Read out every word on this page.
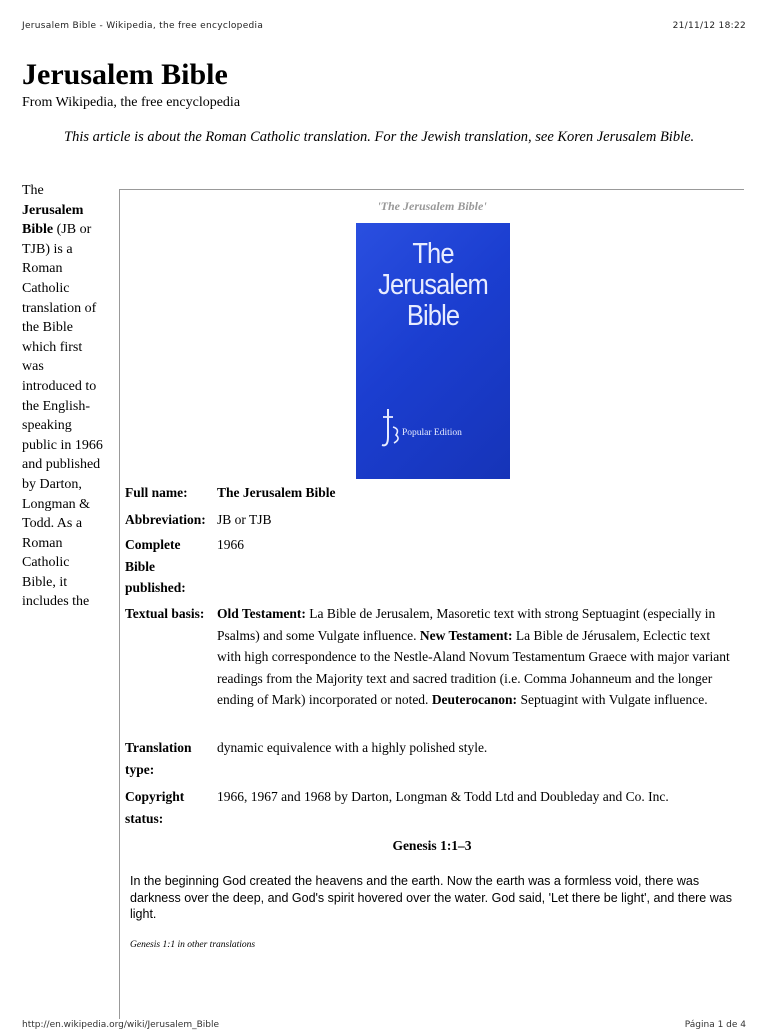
Jerusalem Bible - Wikipedia, the free encyclopedia	21/11/12 18:22
Jerusalem Bible
From Wikipedia, the free encyclopedia
This article is about the Roman Catholic translation. For the Jewish translation, see Koren Jerusalem Bible.
The Jerusalem Bible (JB or TJB) is a Roman Catholic translation of the Bible which first was introduced to the English-speaking public in 1966 and published by Darton, Longman & Todd. As a Roman Catholic Bible, it includes the
'The Jerusalem Bible'
The
Jerusalem
Bible
Popular Edition
Full name:	The Jerusalem Bible
Abbreviation: JB or TJB
Complete Bible published:
1966
Textual basis: Old Testament: La Bible de Jerusalem, Masoretic text with strong Septuagint (especially in Psalms) and some Vulgate influence. New Testament: La Bible de Jérusalem, Eclectic text with high correspondence to the Nestle-Aland Novum Testamentum Graece with major variant readings from the Majority text and sacred tradition (i.e. Comma Johanneum and the longer ending of Mark) incorporated or noted. Deuterocanon: Septuagint with Vulgate influence.
Translation type:
dynamic equivalence with a highly polished style.
Copyright status:
1966, 1967 and 1968 by Darton, Longman & Todd Ltd and Doubleday and Co. Inc.
Genesis 1:1–3
In the beginning God created the heavens and the earth. Now the earth was a formless void, there was darkness over the deep, and God's spirit hovered over the water. God said, 'Let there be light', and there was light.
Genesis 1:1 in other translations
http://en.wikipedia.org/wiki/Jerusalem_Bible	Página 1 de 4
